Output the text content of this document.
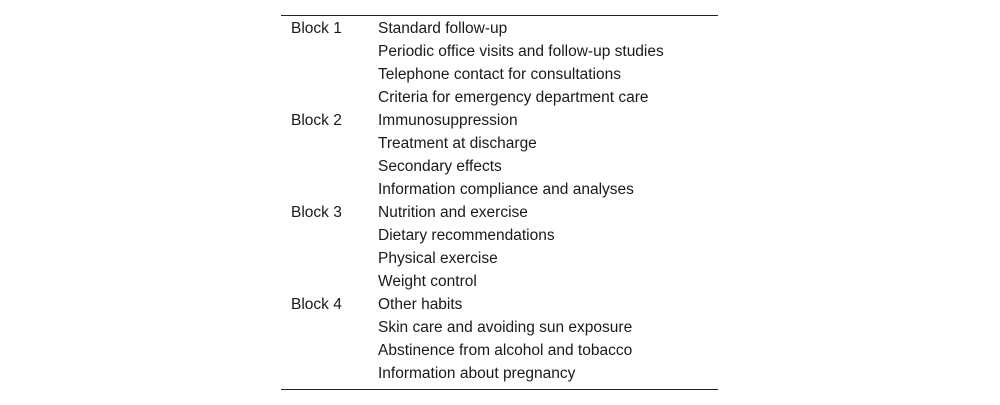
Block 1	Standard follow-up
Periodic office visits and follow-up studies
Telephone contact for consultations
Criteria for emergency department care
Block 2	Immunosuppression
Treatment at discharge
Secondary effects
Information compliance and analyses
Block 3	Nutrition and exercise
Dietary recommendations
Physical exercise
Weight control
Block 4	Other habits
Skin care and avoiding sun exposure
Abstinence from alcohol and tobacco
Information about pregnancy
